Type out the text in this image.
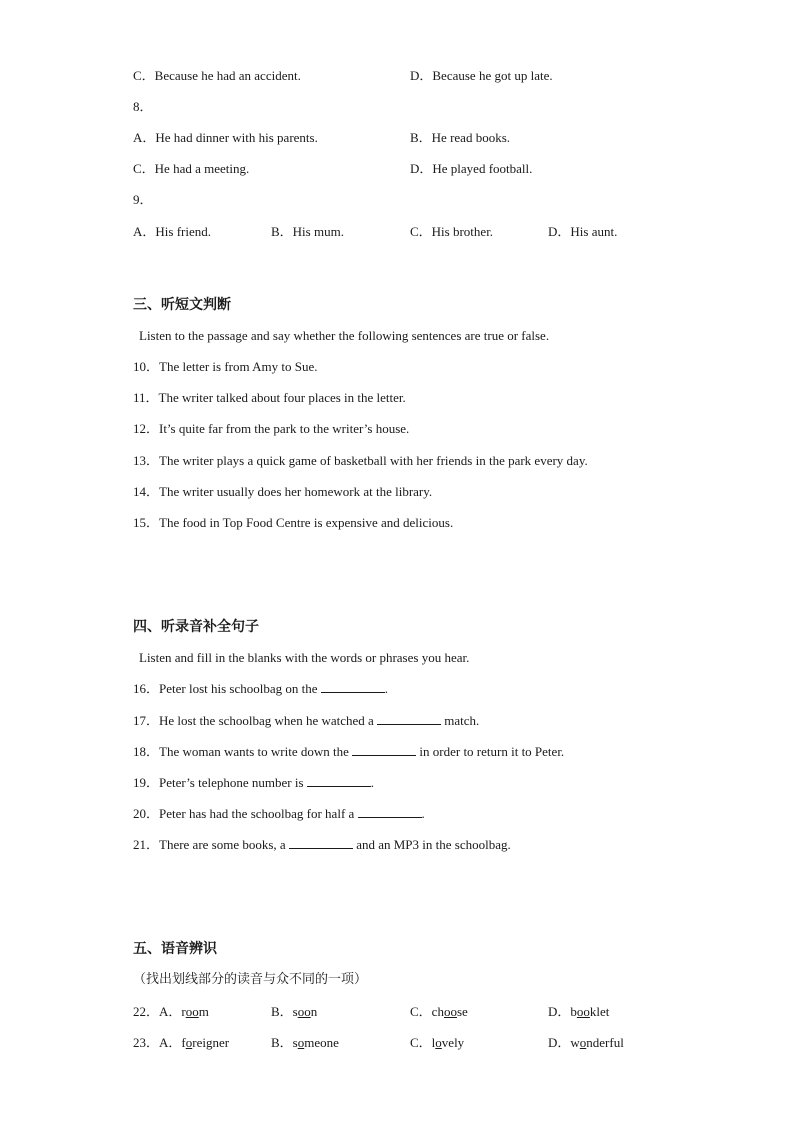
C．Because he had an accident.	D．Because he got up late.
8．
A．He had dinner with his parents.	B．He read books.
C．He had a meeting.	D．He played football.
9．
A．His friend.	B．His mum.	C．His brother.	D．His aunt.
三、听短文判断
Listen to the passage and say whether the following sentences are true or false.
10．The letter is from Amy to Sue.
11．The writer talked about four places in the letter.
12．It’s quite far from the park to the writer’s house.
13．The writer plays a quick game of basketball with her friends in the park every day.
14．The writer usually does her homework at the library.
15．The food in Top Food Centre is expensive and delicious.
四、听录音补全句子
Listen and fill in the blanks with the words or phrases you hear.
16．Peter lost his schoolbag on the	.
17．He lost the schoolbag when he watched a	match.
18．The woman wants to write down the	in order to return it to Peter.
19．Peter’s telephone number is	.
20．Peter has had the schoolbag for half a	.
21．There are some books, a	and an MP3 in the schoolbag.
五、语音辨识
（找出划线部分的读音与众不同的一项）
22．A．room	B．soon	C．choose	D．booklet
23．A．foreigner	B．someone	C．lovely	D．wonderful
